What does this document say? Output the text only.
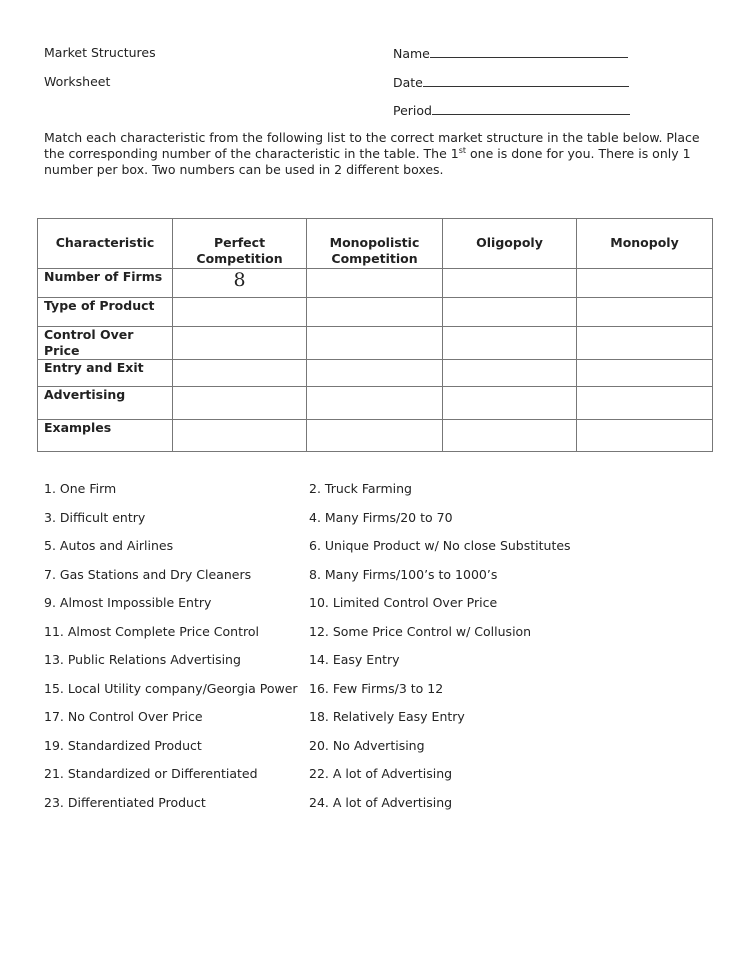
Market Structures
Worksheet
Name
Date
Period
Match each characteristic from the following list to the correct market structure in the table below. Place the corresponding number of the characteristic in the table. The 1st one is done for you. There is only 1 number per box. Two numbers can be used in 2 different boxes.
Characteristic	Perfect Competition	Monopolistic Competition	Oligopoly	Monopoly
Number of Firms	8			
Type of Product				
Control Over Price				
Entry and Exit				
Advertising				
Examples				
1. One Firm	2. Truck Farming
3. Difficult entry	4. Many Firms/20 to 70
5. Autos and Airlines	6. Unique Product w/ No close Substitutes
7. Gas Stations and Dry Cleaners	8. Many Firms/100’s to 1000’s
9. Almost Impossible Entry	10. Limited Control Over Price
11. Almost Complete Price Control	12. Some Price Control w/ Collusion
13. Public Relations Advertising	14. Easy Entry
15. Local Utility company/Georgia Power 16. Few Firms/3 to 12
17. No Control Over Price	18. Relatively Easy Entry
19. Standardized Product	20. No Advertising
21. Standardized or Differentiated	22. A lot of Advertising
23. Differentiated Product	24. A lot of Advertising
